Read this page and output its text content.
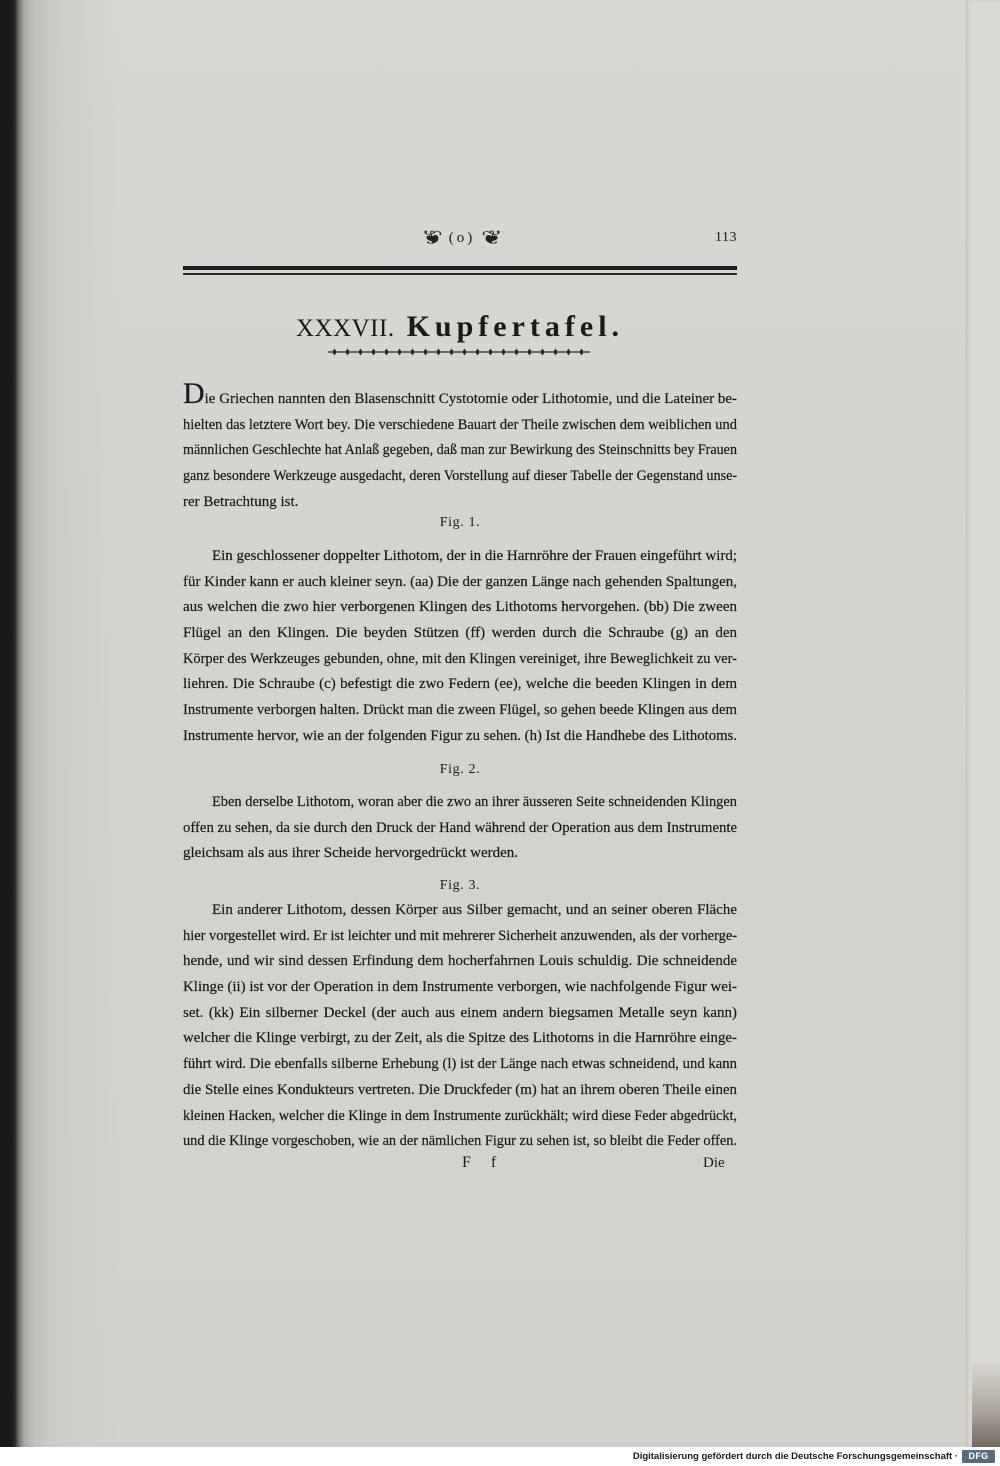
❦
(o)
❦	113
XXXVII. Kupfertafel.
Die Griechen nannten den Blasenschnitt Cystotomie oder Lithotomie, und die Lateiner be-
hielten das letztere Wort bey. Die verschiedene Bauart der Theile zwischen dem weiblichen und
männlichen Geschlechte hat Anlaß gegeben, daß man zur Bewirkung des Steinschnitts bey Frauen
ganz besondere Werkzeuge ausgedacht, deren Vorstellung auf dieser Tabelle der Gegenstand unse-
rer Betrachtung ist.
Fig. 1.
Ein geschlossener doppelter Lithotom, der in die Harnröhre der Frauen eingeführt wird;
für Kinder kann er auch kleiner seyn. (aa) Die der ganzen Länge nach gehenden Spaltungen,
aus welchen die zwo hier verborgenen Klingen des Lithotoms hervorgehen. (bb) Die zween
Flügel an den Klingen. Die beyden Stützen (ff) werden durch die Schraube (g) an den
Körper des Werkzeuges gebunden, ohne, mit den Klingen vereiniget, ihre Beweglichkeit zu ver-
liehren. Die Schraube (c) befestigt die zwo Federn (ee), welche die beeden Klingen in dem
Instrumente verborgen halten. Drückt man die zween Flügel, so gehen beede Klingen aus dem
Instrumente hervor, wie an der folgenden Figur zu sehen. (h) Ist die Handhebe des Lithotoms.
Fig. 2.
Eben derselbe Lithotom, woran aber die zwo an ihrer äusseren Seite schneidenden Klingen
offen zu sehen, da sie durch den Druck der Hand während der Operation aus dem Instrumente
gleichsam als aus ihrer Scheide hervorgedrückt werden.
Fig. 3.
Ein anderer Lithotom, dessen Körper aus Silber gemacht, und an seiner oberen Fläche
hier vorgestellet wird. Er ist leichter und mit mehrerer Sicherheit anzuwenden, als der vorherge-
hende, und wir sind dessen Erfindung dem hocherfahrnen Louis schuldig. Die schneidende
Klinge (ii) ist vor der Operation in dem Instrumente verborgen, wie nachfolgende Figur wei-
set. (kk) Ein silberner Deckel (der auch aus einem andern biegsamen Metalle seyn kann)
welcher die Klinge verbirgt, zu der Zeit, als die Spitze des Lithotoms in die Harnröhre einge-
führt wird. Die ebenfalls silberne Erhebung (l) ist der Länge nach etwas schneidend, und kann
die Stelle eines Kondukteurs vertreten. Die Druckfeder (m) hat an ihrem oberen Theile einen
kleinen Hacken, welcher die Klinge in dem Instrumente zurückhält; wird diese Feder abgedrückt,
und die Klinge vorgeschoben, wie an der nämlichen Figur zu sehen ist, so bleibt die Feder offen.
F f	Die
Digitalisierung gefördert durch die Deutsche Forschungsgemeinschaft ·	DFG
